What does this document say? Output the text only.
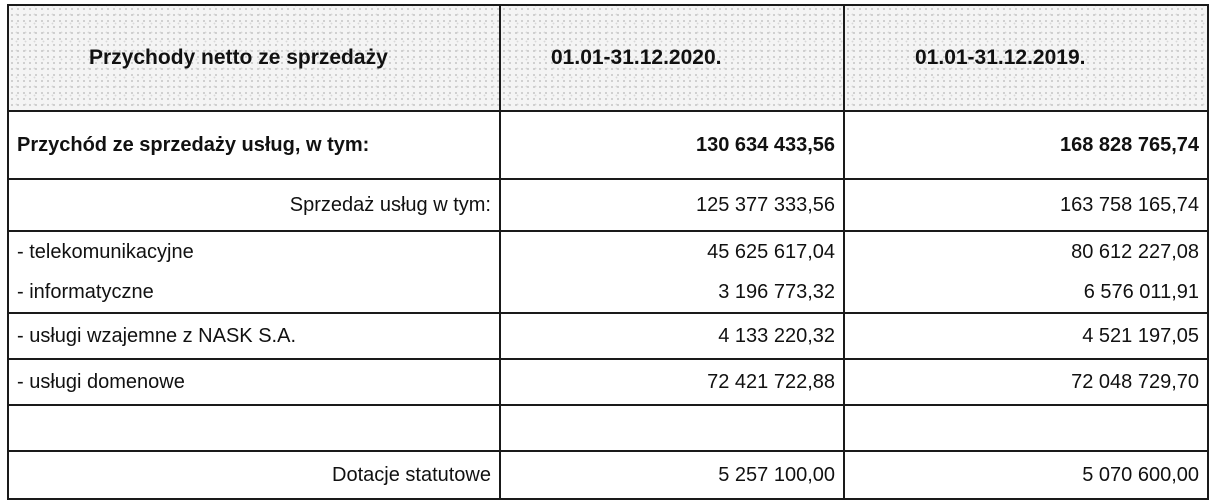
Przychody netto ze sprzedaży	01.01-31.12.2020.	01.01-31.12.2019.
Przychód ze sprzedaży usług, w tym:	130 634 433,56	168 828 765,74
Sprzedaż usług w tym:	125 377 333,56	163 758 165,74
- telekomunikacyjne	45 625 617,04	80 612 227,08
- informatyczne	3 196 773,32	6 576 011,91
- usługi wzajemne z NASK S.A.	4 133 220,32	4 521 197,05
- usługi domenowe	72 421 722,88	72 048 729,70

Dotacje statutowe	5 257 100,00	5 070 600,00
